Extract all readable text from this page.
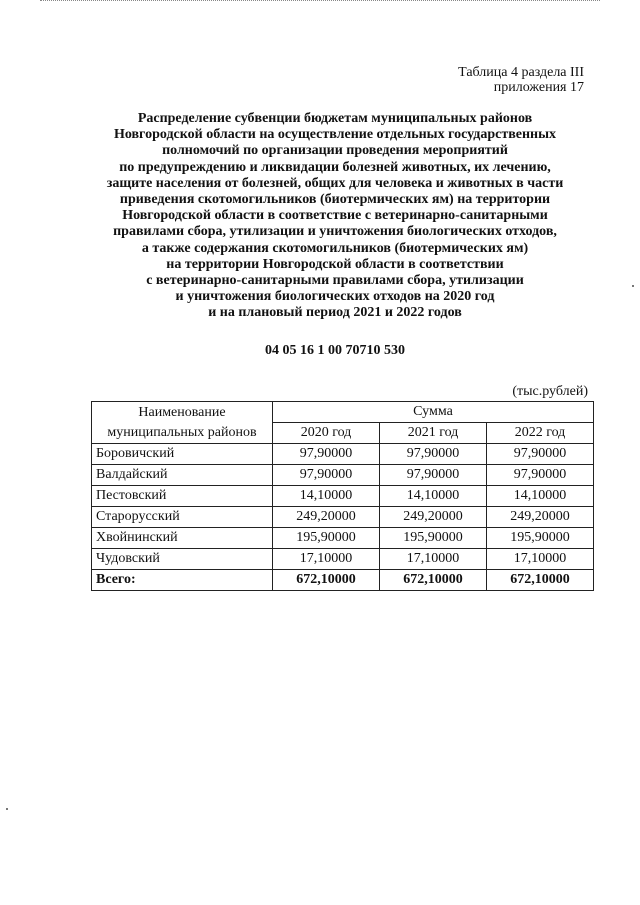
Таблица 4 раздела III
приложения 17
Распределение субвенции бюджетам муниципальных районов
Новгородской области на осуществление отдельных государственных
полномочий по организации проведения мероприятий
по предупреждению и ликвидации болезней животных, их лечению,
защите населения от болезней, общих для человека и животных в части
приведения скотомогильников (биотермических ям) на территории
Новгородской области в соответствие с ветеринарно-санитарными
правилами сбора, утилизации и уничтожения биологических отходов,
а также содержания скотомогильников (биотермических ям)
на территории Новгородской области в соответствии
с ветеринарно-санитарными правилами сбора, утилизации
и уничтожения биологических отходов на 2020 год
и на плановый период 2021 и 2022 годов
04 05 16 1 00 70710 530
(тыс.рублей)
Наименование
муниципальных районов	Сумма		
	2020 год	2021 год	2022 год
Боровичский	97,90000	97,90000	97,90000
Валдайский	97,90000	97,90000	97,90000
Пестовский	14,10000	14,10000	14,10000
Старорусский	249,20000	249,20000	249,20000
Хвойнинский	195,90000	195,90000	195,90000
Чудовский	17,10000	17,10000	17,10000
Всего:	672,10000	672,10000	672,10000
